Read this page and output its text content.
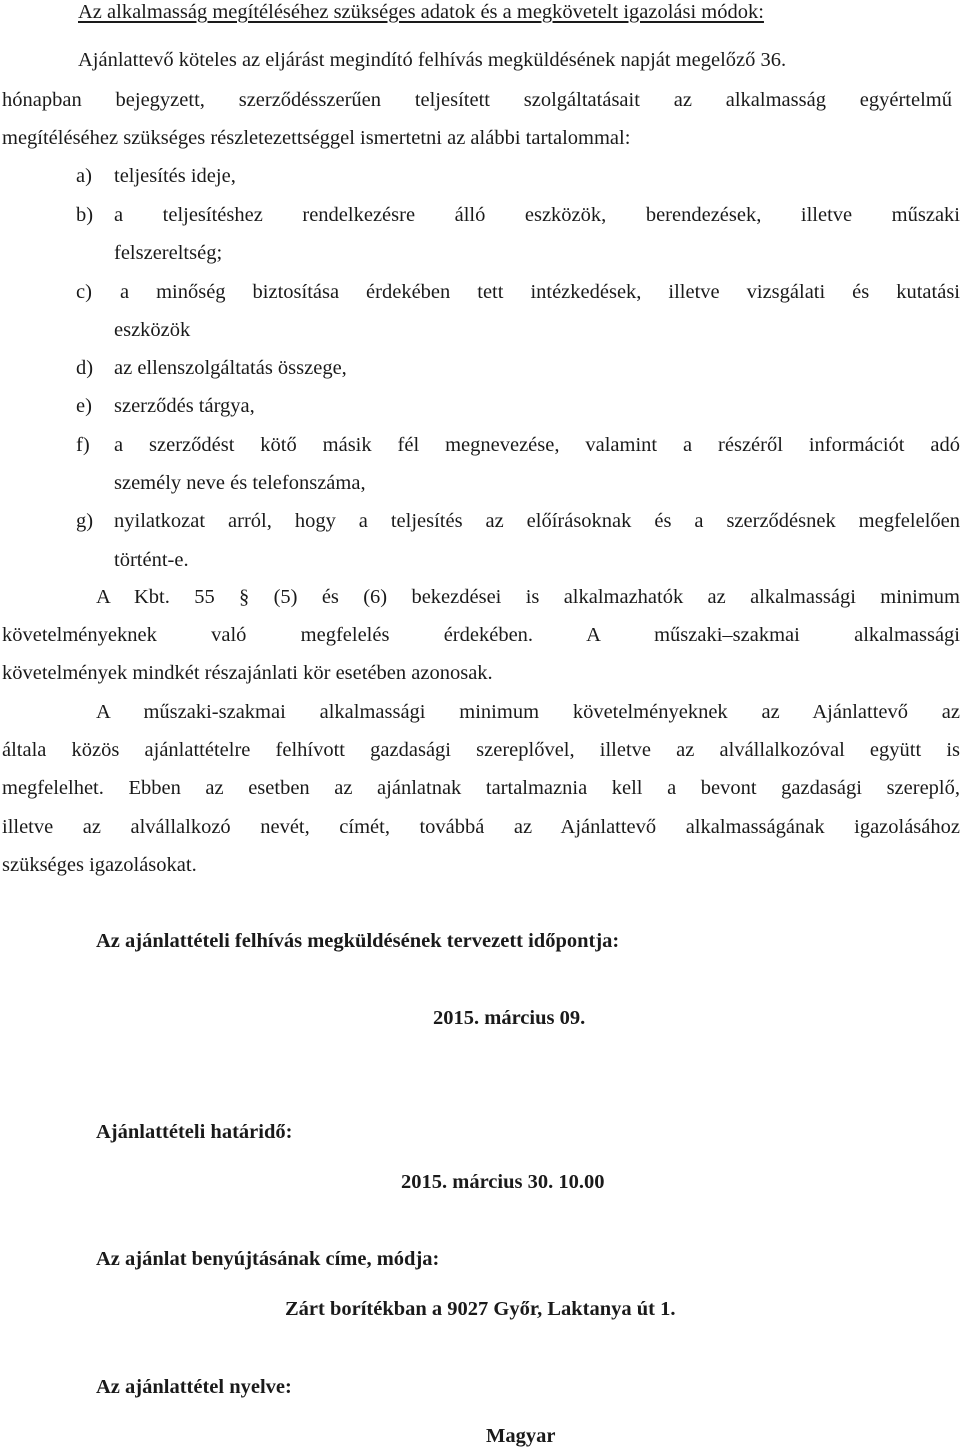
Az alkalmasság megítéléséhez szükséges adatok és a megkövetelt igazolási módok:
Ajánlattevő köteles az eljárást megindító felhívás megküldésének napját megelőző 36.
hónapban bejegyzett, szerződésszerűen teljesített szolgáltatásait az alkalmasság egyértelmű
megítéléséhez szükséges részletezettséggel ismertetni az alábbi tartalommal:
a) teljesítés ideje,
b) a teljesítéshez rendelkezésre álló eszközök, berendezések, illetve műszaki
felszereltség;
c) a minőség biztosítása érdekében tett intézkedések, illetve vizsgálati és kutatási
eszközök
d) az ellenszolgáltatás összege,
e) szerződés tárgya,
f) a szerződést kötő másik fél megnevezése, valamint a részéről információt adó
személy neve és telefonszáma,
g) nyilatkozat arról, hogy a teljesítés az előírásoknak és a szerződésnek megfelelően
történt-e.
A Kbt. 55 § (5) és (6) bekezdései is alkalmazhatók az alkalmassági minimum
követelményeknek való megfelelés érdekében. A műszaki–szakmai alkalmassági
követelmények mindkét részajánlati kör esetében azonosak.
A műszaki-szakmai alkalmassági minimum követelményeknek az Ajánlattevő az
általa közös ajánlattételre felhívott gazdasági szereplővel, illetve az alvállalkozóval együtt is
megfelelhet. Ebben az esetben az ajánlatnak tartalmaznia kell a bevont gazdasági szereplő,
illetve az alvállalkozó nevét, címét, továbbá az Ajánlattevő alkalmasságának igazolásához
szükséges igazolásokat.
Az ajánlattételi felhívás megküldésének tervezett időpontja:
2015. március 09.
Ajánlattételi határidő:
2015. március 30. 10.00
Az ajánlat benyújtásának címe, módja:
Zárt borítékban a 9027 Győr, Laktanya út 1.
Az ajánlattétel nyelve:
Magyar
